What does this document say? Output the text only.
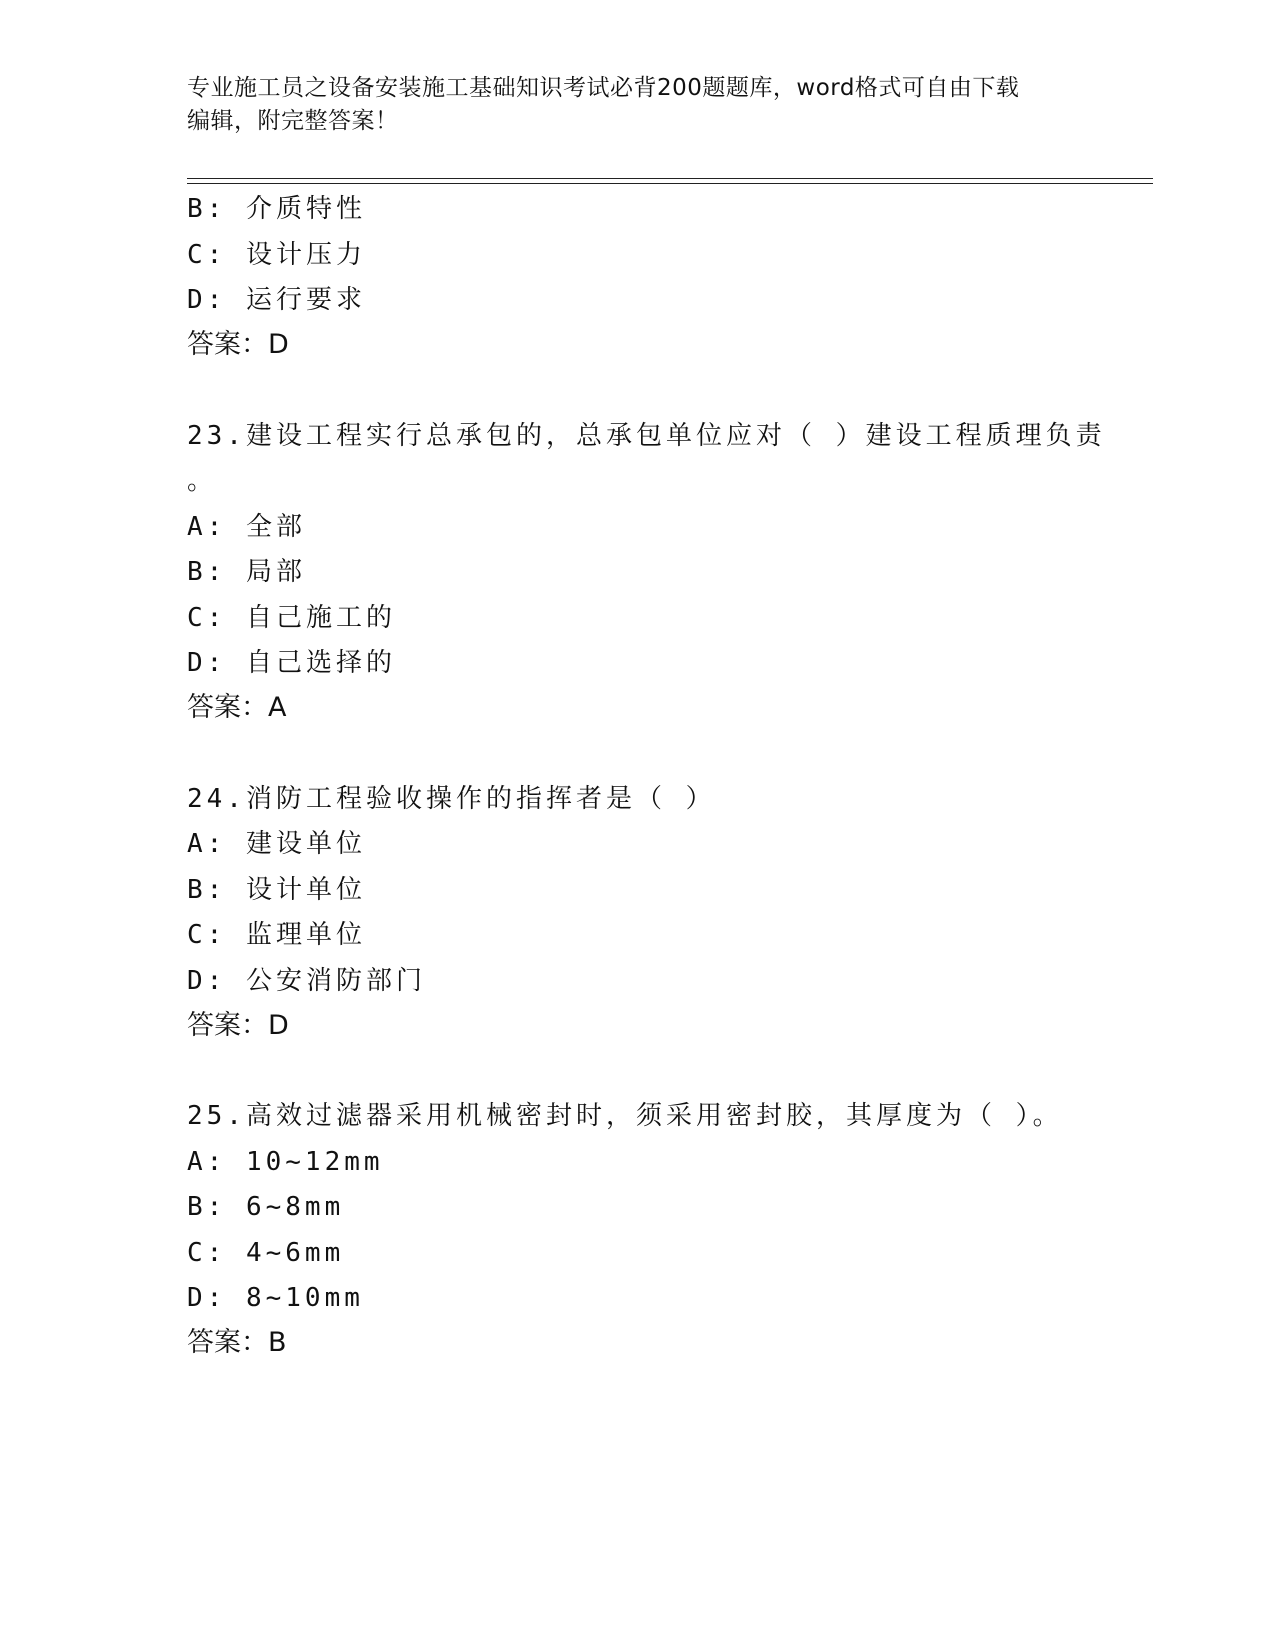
专业施工员之设备安装施工基础知识考试必背200题题库，word格式可自由下载
编辑，附完整答案！
B: 介质特性
C: 设计压力
D: 运行要求
答案：D
23.建设工程实行总承包的，总承包单位应对（ ）建设工程质理负责
。
A: 全部
B: 局部
C: 自己施工的
D: 自己选择的
答案：A
24.消防工程验收操作的指挥者是（ ）
A: 建设单位
B: 设计单位
C: 监理单位
D: 公安消防部门
答案：D
25.高效过滤器采用机械密封时，须采用密封胶，其厚度为（ ）。
A: 10~12mm
B: 6~8mm
C: 4~6mm
D: 8~10mm
答案：B
